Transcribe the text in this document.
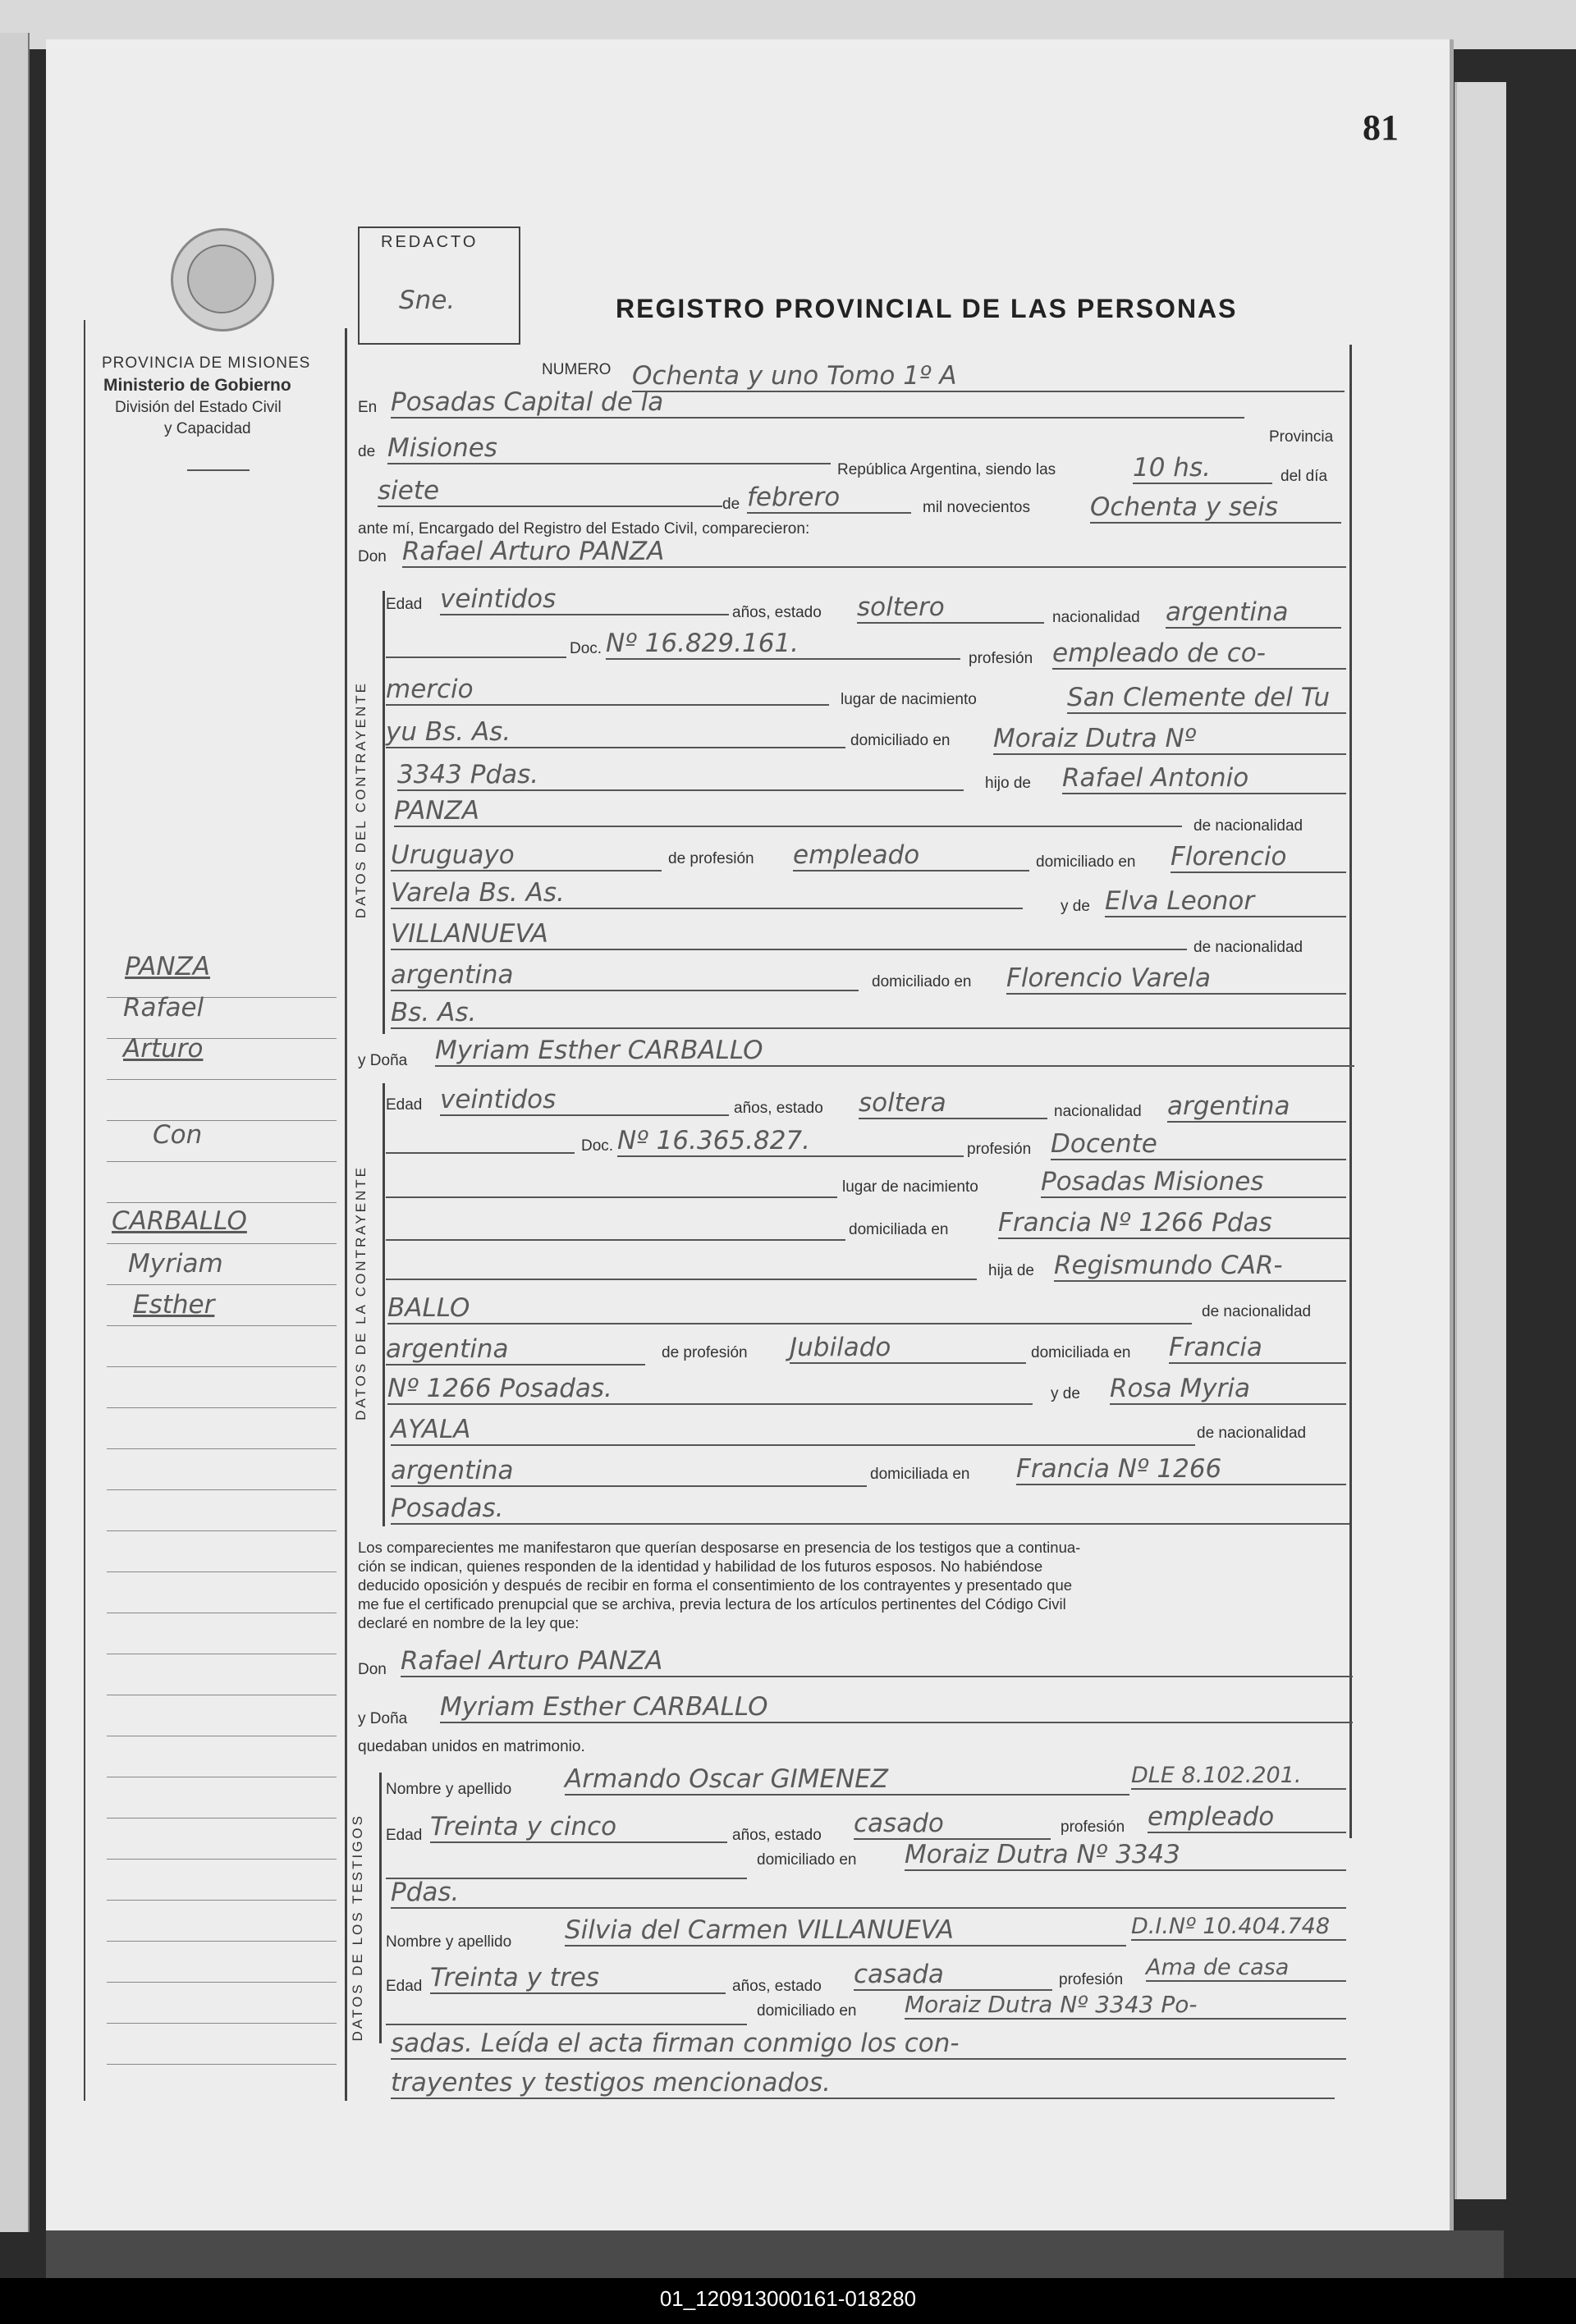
81
PROVINCIA DE MISIONES
Ministerio de Gobierno
División del Estado Civil
y Capacidad
REDACTO
Sne.	REGISTRO PROVINCIAL DE LAS PERSONAS
PANZA
Rafael
Arturo
Con
CARBALLO
Myriam
Esther
NUMERO Ochenta y uno Tomo 1º A
En Posadas Capital de la
Provincia
de Misiones
República Argentina, siendo las	10 hs.	del día
siete	de febrero	mil novecientos Ochenta y seis
ante mí, Encargado del Registro del Estado Civil, comparecieron:
Don Rafael Arturo PANZA
DATOS DEL CONTRAYENTE
Edad veintidos	años, estado soltero	nacionalidad argentina
Doc. Nº 16.829.161.
profesión empleado de co-
mercio	lugar de nacimiento	San Clemente del Tu
yu Bs. As.	domiciliado en Moraiz Dutra Nº
3343 Pdas.	hijo de Rafael Antonio
PANZA
de nacionalidad
Uruguayo	de profesión empleado	domiciliado en Florencio
Varela Bs. As.	y de Elva Leonor
VILLANUEVA	de nacionalidad
argentina	domiciliado en Florencio Varela
Bs. As.
y Doña Myriam Esther CARBALLO
DATOS DE LA CONTRAYENTE
Edad veintidos	años, estado soltera	nacionalidad argentina
Doc. Nº 16.365.827.	profesión Docente
lugar de nacimiento Posadas Misiones
domiciliada en Francia Nº 1266 Pdas
hija de Regismundo CAR-
BALLO	de nacionalidad
argentina	de profesión Jubilado	domiciliada en Francia
Nº 1266 Posadas.	y de Rosa Myria
AYALA	de nacionalidad
argentina	domiciliada en Francia Nº 1266
Posadas.
Los comparecientes me manifestaron que querían desposarse en presencia de los testigos que a continua-
ción se indican, quienes responden de la identidad y habilidad de los futuros esposos. No habiéndose
deducido oposición y después de recibir en forma el consentimiento de los contrayentes y presentado que
me fue el certificado prenupcial que se archiva, previa lectura de los artículos pertinentes del Código Civil
declaré en nombre de la ley que:
Don Rafael Arturo PANZA
y Doña Myriam Esther CARBALLO
quedaban unidos en matrimonio.
DATOS DE LOS TESTIGOS
Nombre y apellido Armando Oscar GIMENEZ	DLE 8.102.201.
Edad Treinta y cinco	años, estado casado	profesión empleado
domiciliado en Moraiz Dutra Nº 3343
Pdas.
Nombre y apellido Silvia del Carmen VILLANUEVA	D.I.Nº 10.404.748
Edad Treinta y tres	años, estado casada	profesión Ama de casa
domiciliado en Moraiz Dutra Nº 3343 Po-
sadas. Leída el acta firman conmigo los con-
trayentes y testigos mencionados.
01_120913000161-018280
